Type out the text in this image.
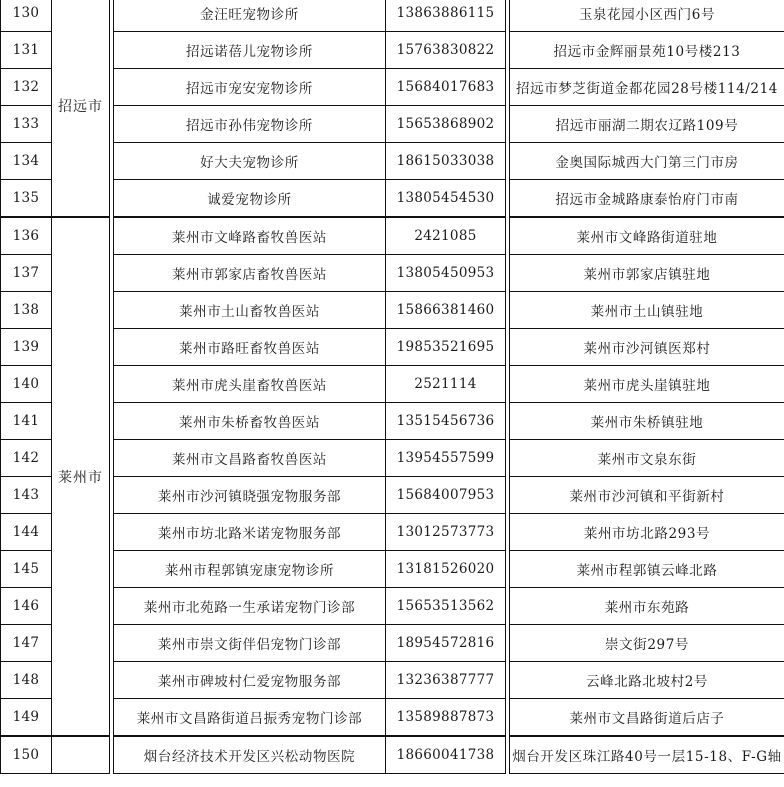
130	招远市		金汪旺宠物诊所	13863886115		玉泉花园小区西门6号
131			招远诺蓓儿宠物诊所	15763830822		招远市金辉丽景苑10号楼213
132			招远市宠安宠物诊所	15684017683		招远市梦芝街道金都花园28号楼114/214
133			招远市孙伟宠物诊所	15653868902		招远市丽湖二期农辽路109号
134			好大夫宠物诊所	18615033038		金奥国际城西大门第三门市房
135			诚爱宠物诊所	13805454530		招远市金城路康泰怡府门市南
136	莱州市		莱州市文峰路畜牧兽医站	2421085		莱州市文峰路街道驻地
137			莱州市郭家店畜牧兽医站	13805450953		莱州市郭家店镇驻地
138			莱州市土山畜牧兽医站	15866381460		莱州市土山镇驻地
139			莱州市路旺畜牧兽医站	19853521695		莱州市沙河镇医郑村
140			莱州市虎头崖畜牧兽医站	2521114		莱州市虎头崖镇驻地
141			莱州市朱桥畜牧兽医站	13515456736		莱州市朱桥镇驻地
142			莱州市文昌路畜牧兽医站	13954557599		莱州市文泉东街
143			莱州市沙河镇晓强宠物服务部	15684007953		莱州市沙河镇和平街新村
144			莱州市坊北路米诺宠物服务部	13012573773		莱州市坊北路293号
145			莱州市程郭镇宠康宠物诊所	13181526020		莱州市程郭镇云峰北路
146			莱州市北苑路一生承诺宠物门诊部	15653513562		莱州市东苑路
147			莱州市崇文街伴侣宠物门诊部	18954572816		崇文街297号
148			莱州市碑坡村仁爱宠物服务部	13236387777		云峰北路北坡村2号
149			莱州市文昌路街道吕振秀宠物门诊部	13589887873		莱州市文昌路街道后店子
150			烟台经济技术开发区兴松动物医院	18660041738		烟台开发区珠江路40号一层15-18、F-G轴
